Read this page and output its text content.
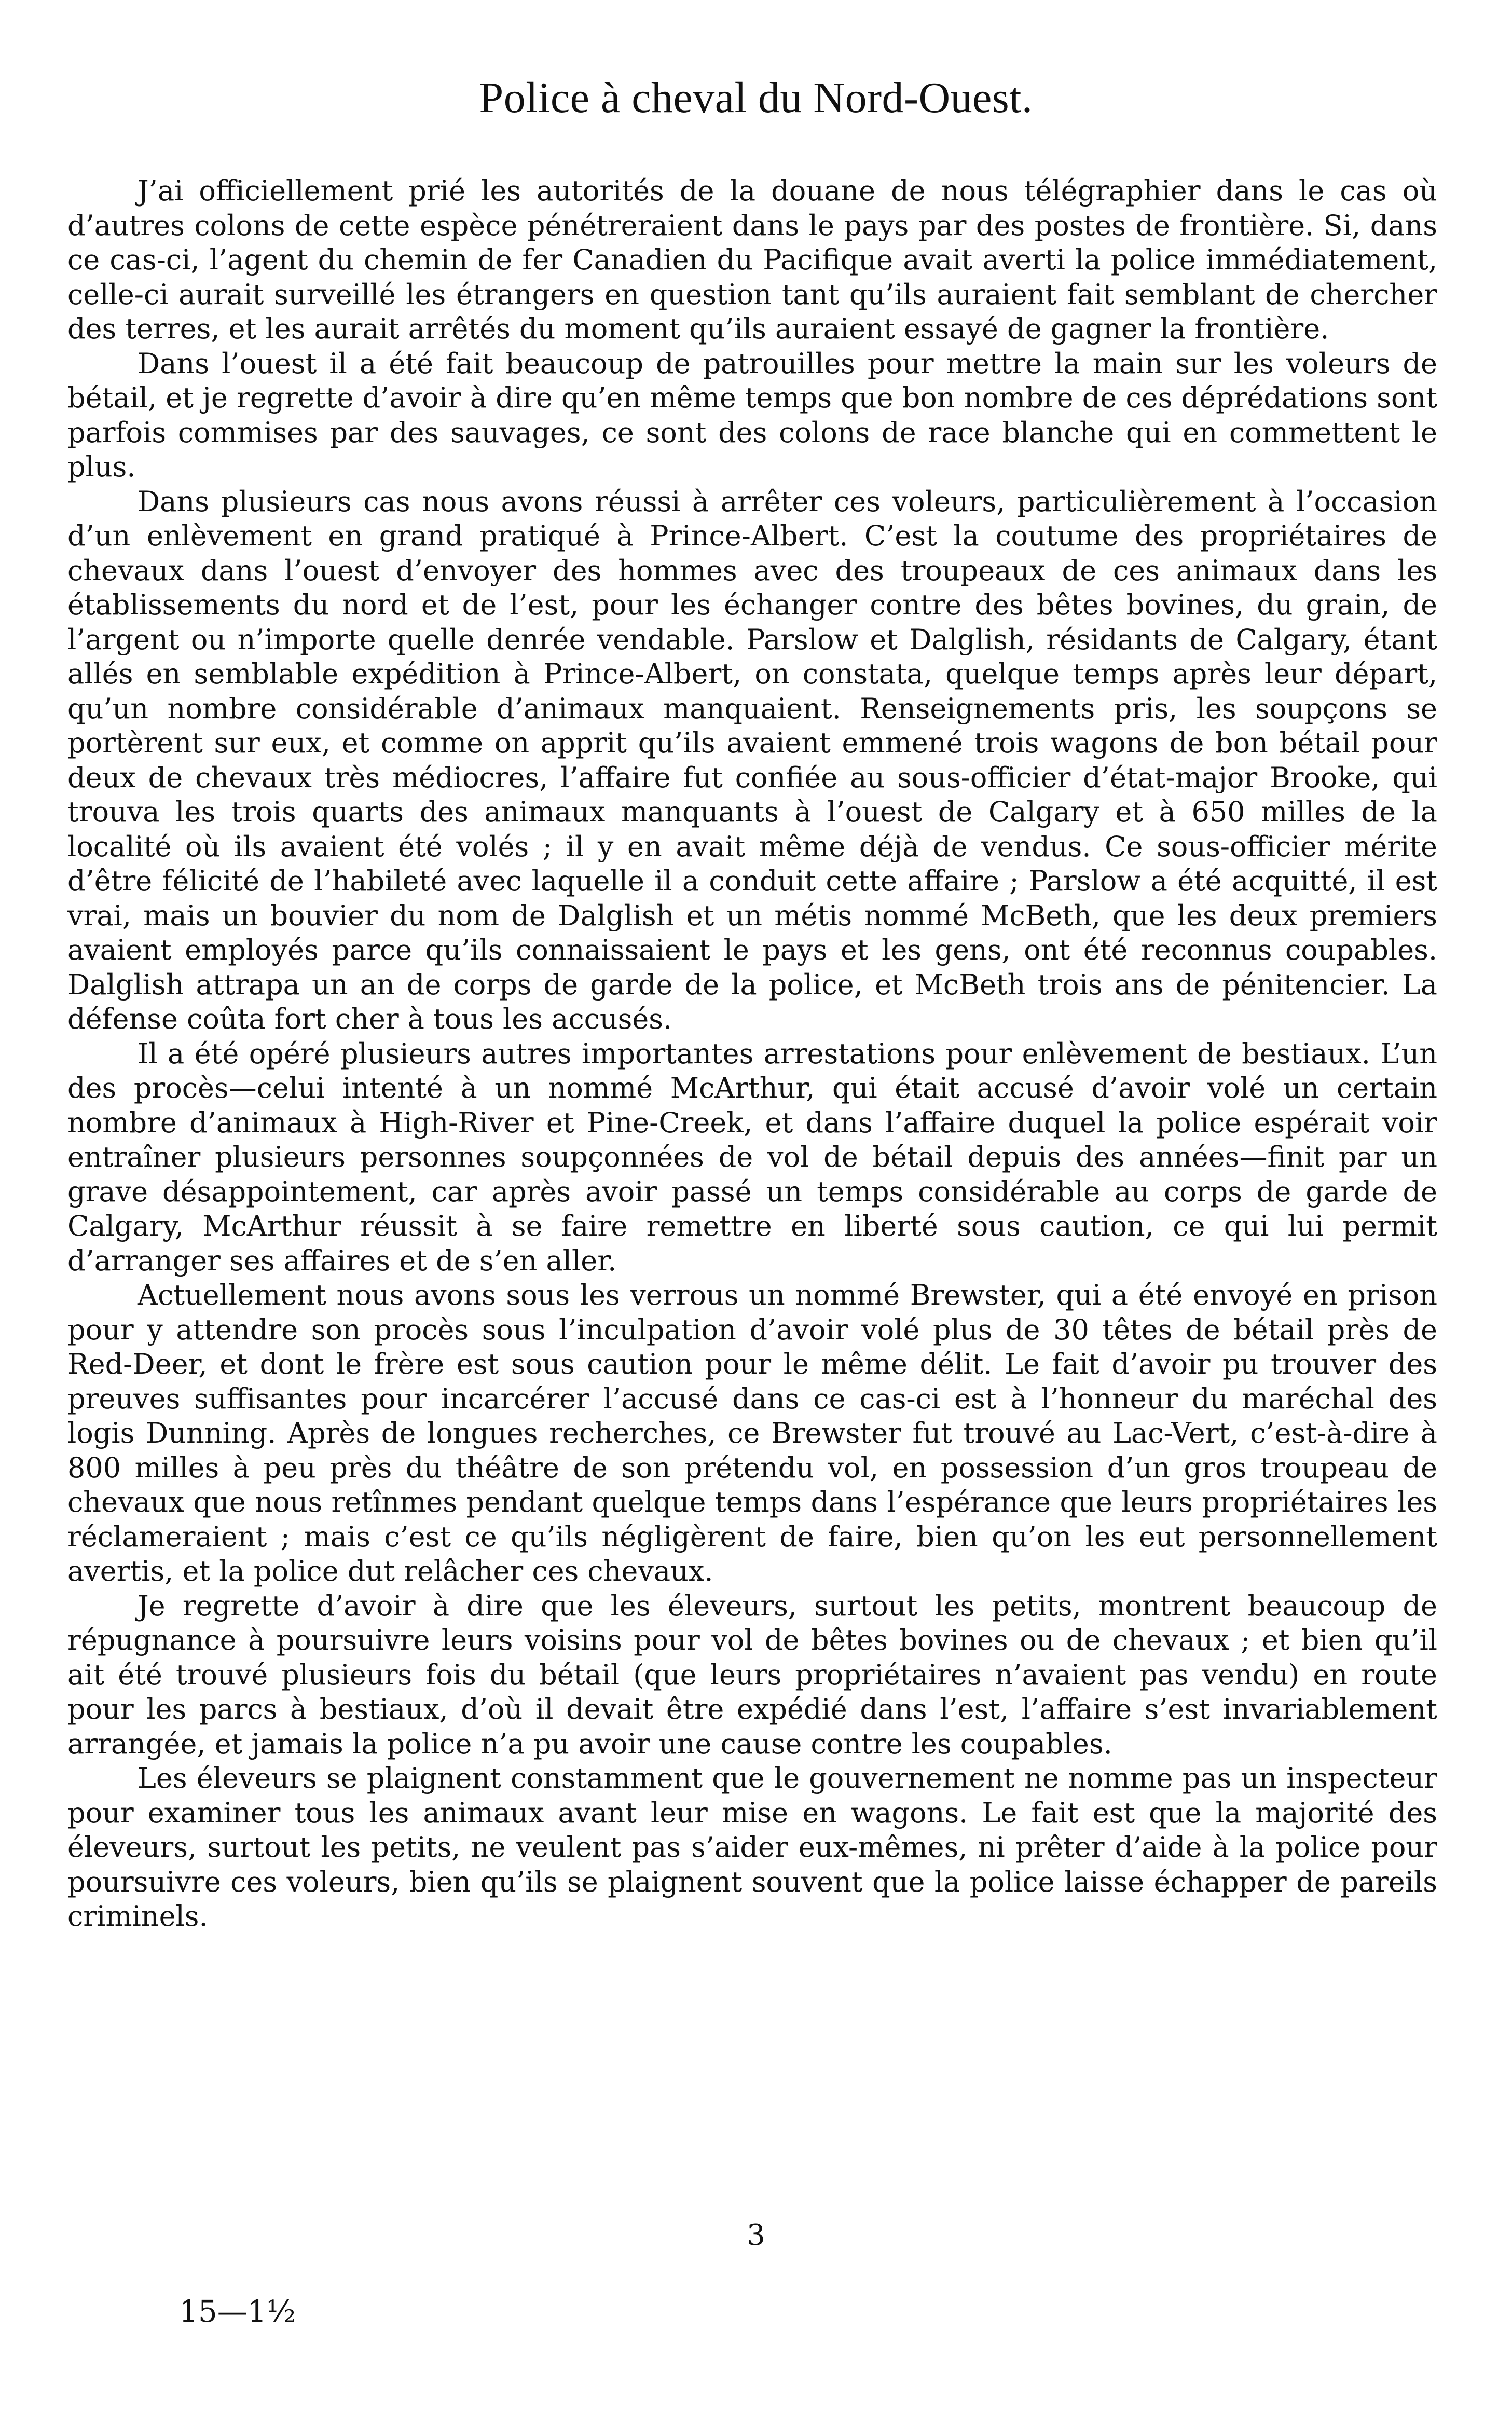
Police à cheval du Nord-Ouest.

J’ai officiellement prié les autorités de la douane de nous télégraphier dans le cas où d’autres colons de cette espèce pénétreraient dans le pays par des postes de frontière. Si, dans ce cas-ci, l’agent du chemin de fer Canadien du Pacifique avait averti la police immédiatement, celle-ci aurait surveillé les étrangers en question tant qu’ils auraient fait semblant de chercher des terres, et les aurait arrêtés du moment qu’ils auraient essayé de gagner la frontière.

Dans l’ouest il a été fait beaucoup de patrouilles pour mettre la main sur les voleurs de bétail, et je regrette d’avoir à dire qu’en même temps que bon nombre de ces déprédations sont parfois commises par des sauvages, ce sont des colons de race blanche qui en commettent le plus.

Dans plusieurs cas nous avons réussi à arrêter ces voleurs, particulièrement à l’occasion d’un enlèvement en grand pratiqué à Prince-Albert. C’est la coutume des propriétaires de chevaux dans l’ouest d’envoyer des hommes avec des troupeaux de ces animaux dans les établissements du nord et de l’est, pour les échanger contre des bêtes bovines, du grain, de l’argent ou n’importe quelle denrée vendable. Parslow et Dalglish, résidants de Calgary, étant allés en semblable expédition à Prince-Albert, on constata, quelque temps après leur départ, qu’un nombre considérable d’animaux manquaient. Renseignements pris, les soupçons se portèrent sur eux, et comme on apprit qu’ils avaient emmené trois wagons de bon bétail pour deux de chevaux très médiocres, l’affaire fut confiée au sous-officier d’état-major Brooke, qui trouva les trois quarts des animaux manquants à l’ouest de Calgary et à 650 milles de la localité où ils avaient été volés ; il y en avait même déjà de vendus. Ce sous-officier mérite d’être félicité de l’habileté avec laquelle il a conduit cette affaire ; Parslow a été acquitté, il est vrai, mais un bouvier du nom de Dalglish et un métis nommé McBeth, que les deux premiers avaient employés parce qu’ils connaissaient le pays et les gens, ont été reconnus coupables. Dalglish attrapa un an de corps de garde de la police, et McBeth trois ans de pénitencier. La défense coûta fort cher à tous les accusés.

Il a été opéré plusieurs autres importantes arrestations pour enlèvement de bestiaux. L’un des procès—celui intenté à un nommé McArthur, qui était accusé d’avoir volé un certain nombre d’animaux à High-River et Pine-Creek, et dans l’affaire duquel la police espérait voir entraîner plusieurs personnes soupçonnées de vol de bétail depuis des années—finit par un grave désappointement, car après avoir passé un temps considérable au corps de garde de Calgary, McArthur réussit à se faire remettre en liberté sous caution, ce qui lui permit d’arranger ses affaires et de s’en aller.

Actuellement nous avons sous les verrous un nommé Brewster, qui a été envoyé en prison pour y attendre son procès sous l’inculpation d’avoir volé plus de 30 têtes de bétail près de Red-Deer, et dont le frère est sous caution pour le même délit. Le fait d’avoir pu trouver des preuves suffisantes pour incarcérer l’accusé dans ce cas-ci est à l’honneur du maréchal des logis Dunning. Après de longues recherches, ce Brewster fut trouvé au Lac-Vert, c’est-à-dire à 800 milles à peu près du théâtre de son prétendu vol, en possession d’un gros troupeau de chevaux que nous retînmes pendant quelque temps dans l’espérance que leurs propriétaires les réclameraient ; mais c’est ce qu’ils négligèrent de faire, bien qu’on les eut personnellement avertis, et la police dut relâcher ces chevaux.

Je regrette d’avoir à dire que les éleveurs, surtout les petits, montrent beaucoup de répugnance à poursuivre leurs voisins pour vol de bêtes bovines ou de chevaux ; et bien qu’il ait été trouvé plusieurs fois du bétail (que leurs propriétaires n’avaient pas vendu) en route pour les parcs à bestiaux, d’où il devait être expédié dans l’est, l’affaire s’est invariablement arrangée, et jamais la police n’a pu avoir une cause contre les coupables.

Les éleveurs se plaignent constamment que le gouvernement ne nomme pas un inspecteur pour examiner tous les animaux avant leur mise en wagons. Le fait est que la majorité des éleveurs, surtout les petits, ne veulent pas s’aider eux-mêmes, ni prêter d’aide à la police pour poursuivre ces voleurs, bien qu’ils se plaignent souvent que la police laisse échapper de pareils criminels.

3
15—1½
